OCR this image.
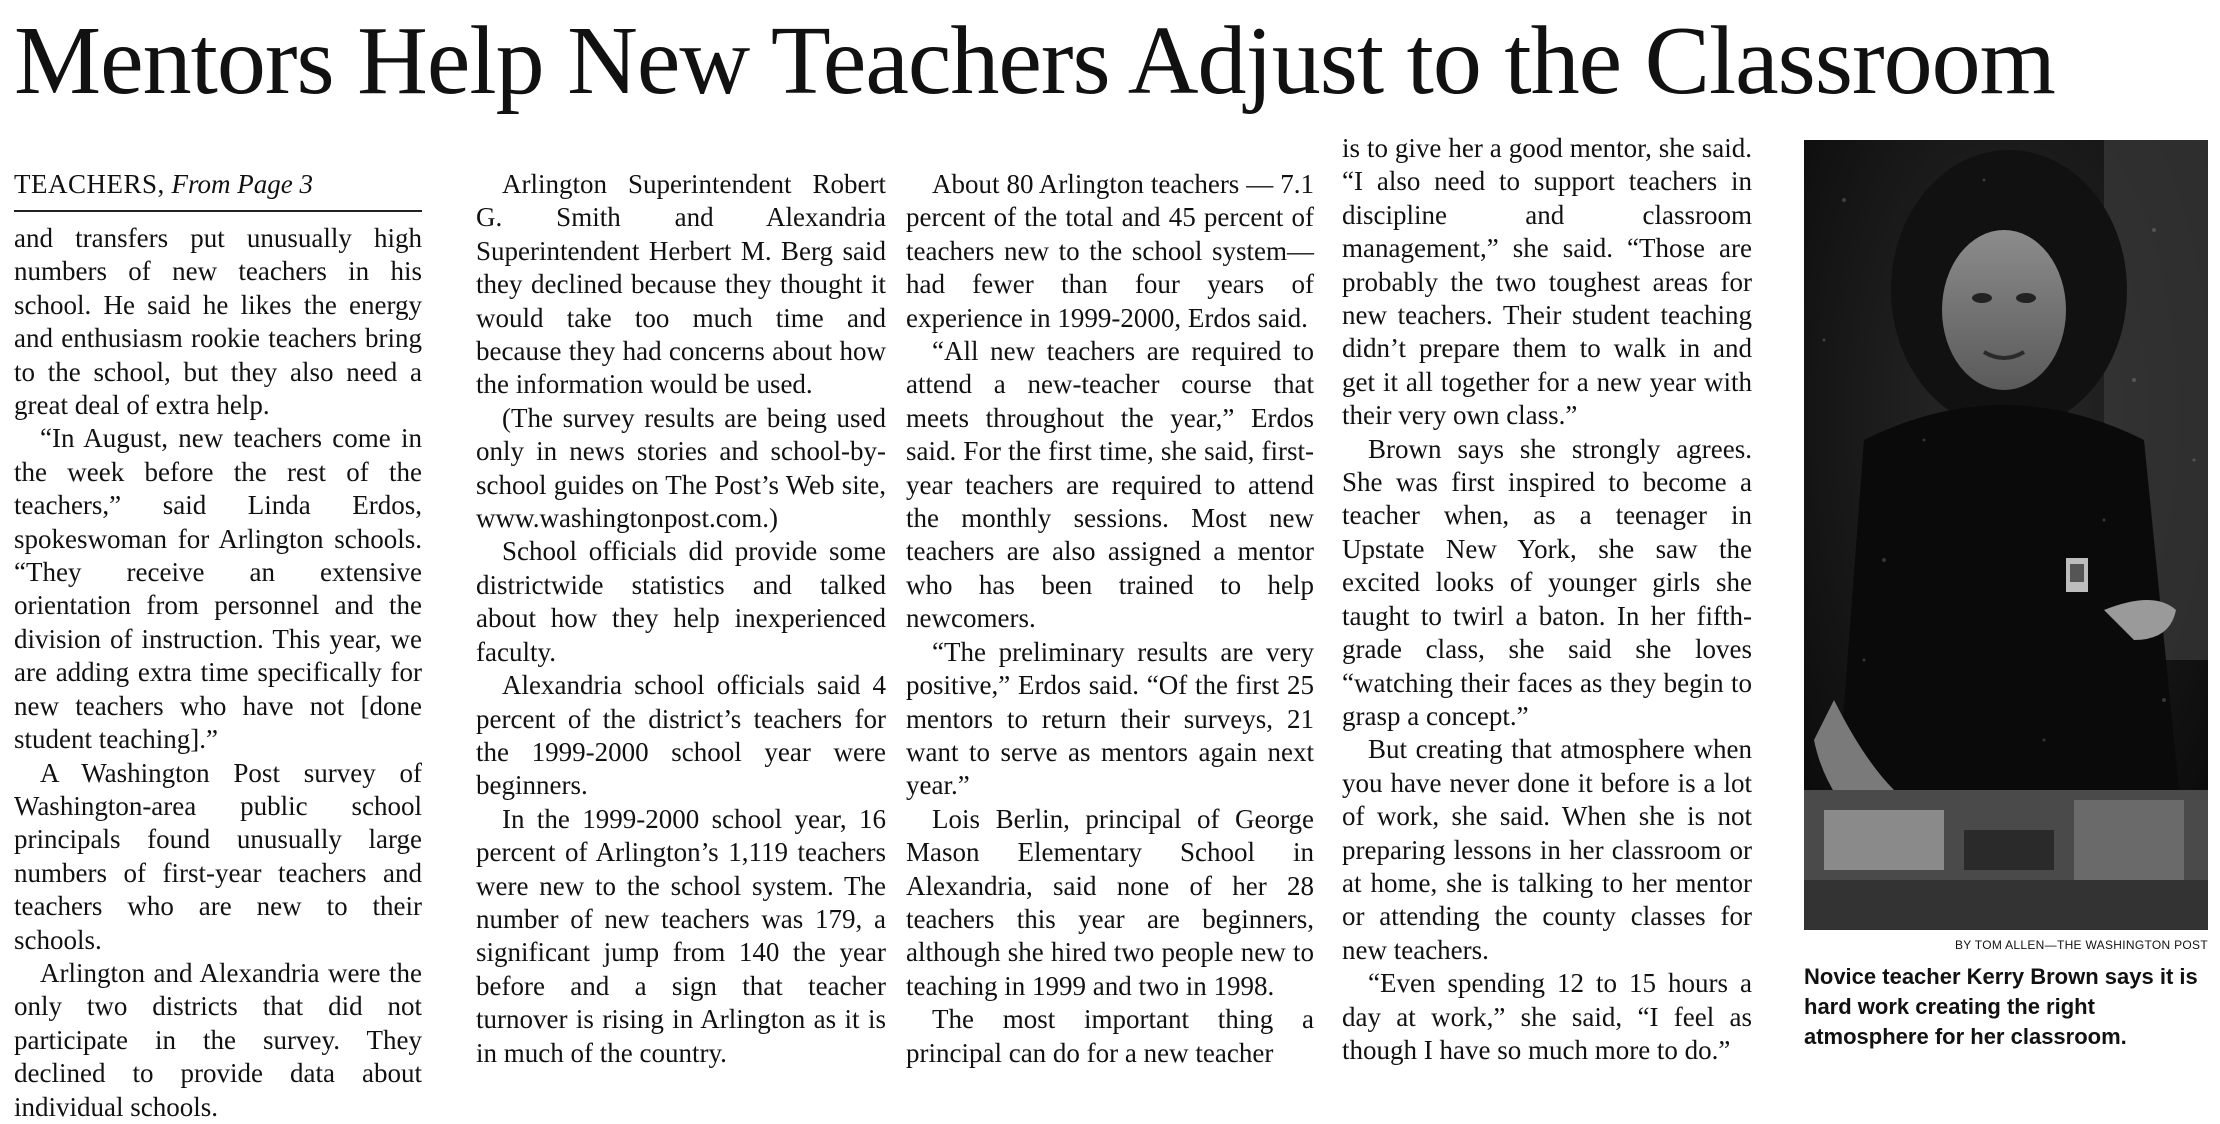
Mentors Help New Teachers Adjust to the Classroom
TEACHERS, From Page 3

and transfers put unusually high numbers of new teachers in his school. He said he likes the energy and enthusiasm rookie teachers bring to the school, but they also need a great deal of extra help.

“In August, new teachers come in the week before the rest of the teachers,” said Linda Erdos, spokeswoman for Arlington schools. “They receive an extensive orientation from personnel and the division of instruction. This year, we are adding extra time specifically for new teachers who have not [done student teaching].”

A Washington Post survey of Washington-area public school principals found unusually large numbers of first-year teachers and teachers who are new to their schools.

Arlington and Alexandria were the only two districts that did not participate in the survey. They declined to provide data about individual schools.

Arlington Superintendent Robert G. Smith and Alexandria Superintendent Herbert M. Berg said they declined because they thought it would take too much time and because they had concerns about how the information would be used.

(The survey results are being used only in news stories and school-by-school guides on The Post’s Web site, www.washingtonpost.com.)

School officials did provide some districtwide statistics and talked about how they help inexperienced faculty.

Alexandria school officials said 4 percent of the district’s teachers for the 1999-2000 school year were beginners.

In the 1999-2000 school year, 16 percent of Arlington’s 1,119 teachers were new to the school system. The number of new teachers was 179, a significant jump from 140 the year before and a sign that teacher turnover is rising in Arlington as it is in much of the country.

About 80 Arlington teachers — 7.1 percent of the total and 45 percent of teachers new to the school system—had fewer than four years of experience in 1999-2000, Erdos said.

“All new teachers are required to attend a new-teacher course that meets throughout the year,” Erdos said. For the first time, she said, first-year teachers are required to attend the monthly sessions. Most new teachers are also assigned a mentor who has been trained to help newcomers.

“The preliminary results are very positive,” Erdos said. “Of the first 25 mentors to return their surveys, 21 want to serve as mentors again next year.”

Lois Berlin, principal of George Mason Elementary School in Alexandria, said none of her 28 teachers this year are beginners, although she hired two people new to teaching in 1999 and two in 1998.

The most important thing a principal can do for a new teacher

is to give her a good mentor, she said. “I also need to support teachers in discipline and classroom management,” she said. “Those are probably the two toughest areas for new teachers. Their student teaching didn’t prepare them to walk in and get it all together for a new year with their very own class.”

Brown says she strongly agrees. She was first inspired to become a teacher when, as a teenager in Upstate New York, she saw the excited looks of younger girls she taught to twirl a baton. In her fifth-grade class, she said she loves “watching their faces as they begin to grasp a concept.”

But creating that atmosphere when you have never done it before is a lot of work, she said. When she is not preparing lessons in her classroom or at home, she is talking to her mentor or attending the county classes for new teachers.

“Even spending 12 to 15 hours a day at work,” she said, “I feel as though I have so much more to do.”

BY TOM ALLEN—THE WASHINGTON POST
Novice teacher Kerry Brown says it is hard work creating the right atmosphere for her classroom.
